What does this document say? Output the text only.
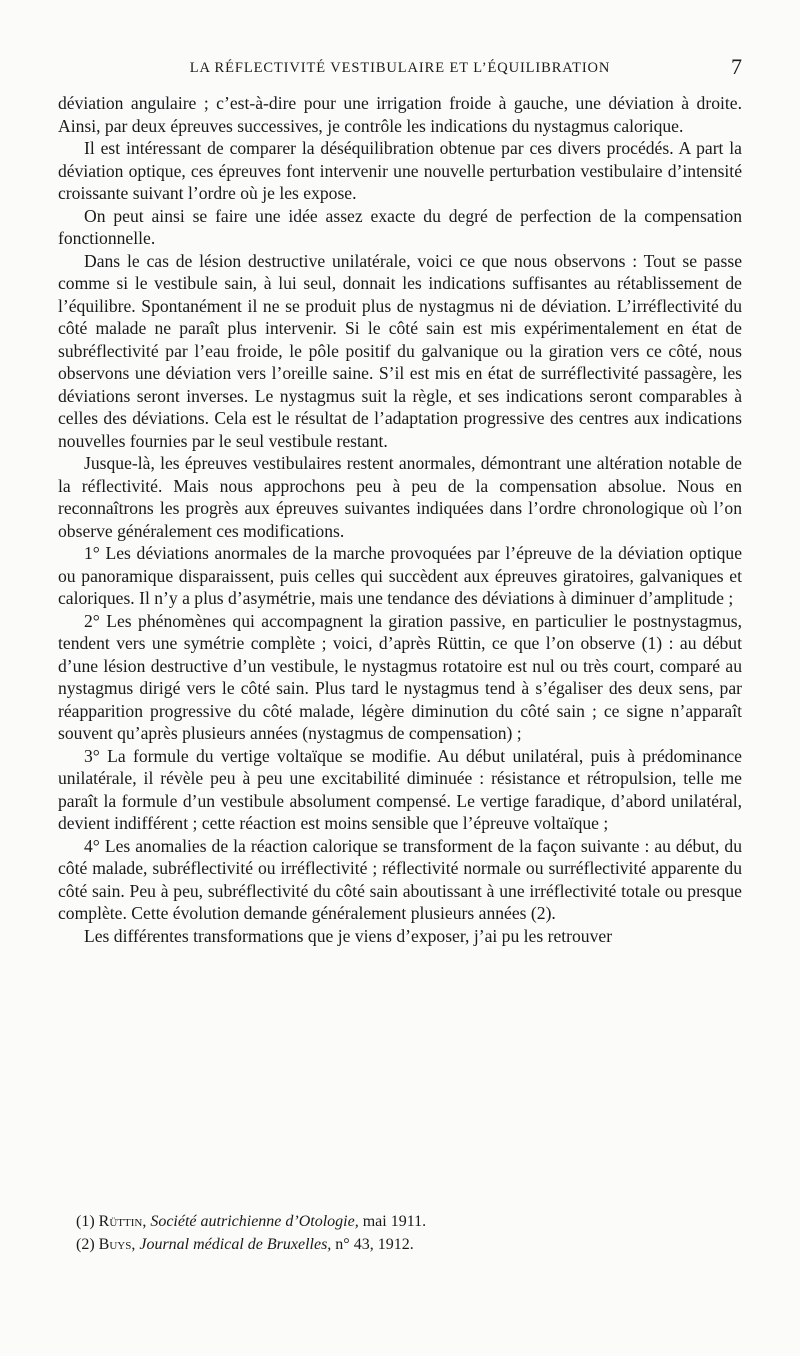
LA RÉFLECTIVITÉ VESTIBULAIRE ET L’ÉQUILIBRATION	7

déviation angulaire ; c’est-à-dire pour une irrigation froide à gauche, une déviation à droite. Ainsi, par deux épreuves successives, je contrôle les indications du nystagmus calorique.

Il est intéressant de comparer la déséquilibration obtenue par ces divers procédés. A part la déviation optique, ces épreuves font intervenir une nouvelle perturbation vestibulaire d’intensité croissante suivant l’ordre où je les expose.

On peut ainsi se faire une idée assez exacte du degré de perfection de la compensation fonctionnelle.

Dans le cas de lésion destructive unilatérale, voici ce que nous observons : Tout se passe comme si le vestibule sain, à lui seul, donnait les indications suffisantes au rétablissement de l’équilibre. Spontanément il ne se produit plus de nystagmus ni de déviation. L’irréflectivité du côté malade ne paraît plus intervenir. Si le côté sain est mis expérimentalement en état de subréflectivité par l’eau froide, le pôle positif du galvanique ou la giration vers ce côté, nous observons une déviation vers l’oreille saine. S’il est mis en état de surréflectivité passagère, les déviations seront inverses. Le nystagmus suit la règle, et ses indications seront comparables à celles des déviations. Cela est le résultat de l’adaptation progressive des centres aux indications nouvelles fournies par le seul vestibule restant.

Jusque-là, les épreuves vestibulaires restent anormales, démontrant une altération notable de la réflectivité. Mais nous approchons peu à peu de la compensation absolue. Nous en reconnaîtrons les progrès aux épreuves suivantes indiquées dans l’ordre chronologique où l’on observe généralement ces modifications.

1° Les déviations anormales de la marche provoquées par l’épreuve de la déviation optique ou panoramique disparaissent, puis celles qui succèdent aux épreuves giratoires, galvaniques et caloriques. Il n’y a plus d’asymétrie, mais une tendance des déviations à diminuer d’amplitude ;

2° Les phénomènes qui accompagnent la giration passive, en particulier le postnystagmus, tendent vers une symétrie complète ; voici, d’après Rüttin, ce que l’on observe (1) : au début d’une lésion destructive d’un vestibule, le nystagmus rotatoire est nul ou très court, comparé au nystagmus dirigé vers le côté sain. Plus tard le nystagmus tend à s’égaliser des deux sens, par réapparition progressive du côté malade, légère diminution du côté sain ; ce signe n’apparaît souvent qu’après plusieurs années (nystagmus de compensation) ;

3° La formule du vertige voltaïque se modifie. Au début unilatéral, puis à prédominance unilatérale, il révèle peu à peu une excitabilité diminuée : résistance et rétropulsion, telle me paraît la formule d’un vestibule absolument compensé. Le vertige faradique, d’abord unilatéral, devient indifférent ; cette réaction est moins sensible que l’épreuve voltaïque ;

4° Les anomalies de la réaction calorique se transforment de la façon suivante : au début, du côté malade, subréflectivité ou irréflectivité ; réflectivité normale ou surréflectivité apparente du côté sain. Peu à peu, subréflectivité du côté sain aboutissant à une irréflectivité totale ou presque complète. Cette évolution demande généralement plusieurs années (2).

Les différentes transformations que je viens d’exposer, j’ai pu les retrouver

(1) Rüttin, Société autrichienne d’Otologie, mai 1911.

(2) Buys, Journal médical de Bruxelles, n° 43, 1912.
